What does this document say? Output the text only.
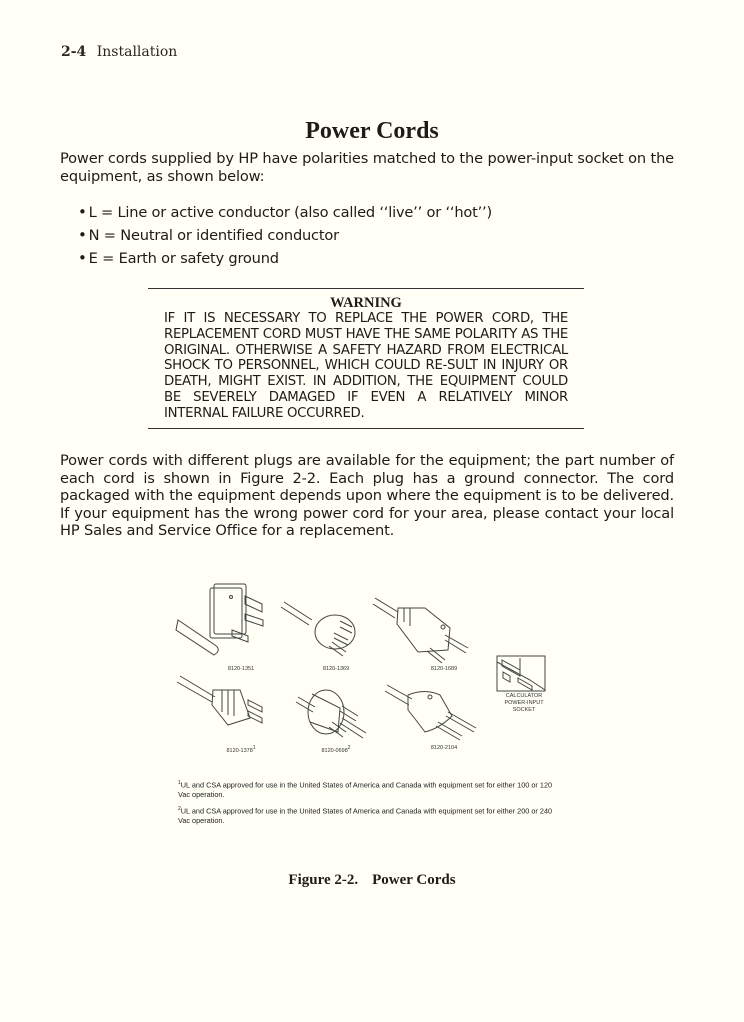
2-4 Installation
Power Cords
Power cords supplied by HP have polarities matched to the power-input socket on the equipment, as shown below:
• L = Line or active conductor (also called ‘‘live’’ or ‘‘hot’’)
• N = Neutral or identified conductor
• E = Earth or safety ground
WARNING
IF IT IS NECESSARY TO REPLACE THE POWER CORD, THE REPLACEMENT CORD MUST HAVE THE SAME POLARITY AS THE ORIGINAL. OTHERWISE A SAFETY HAZARD FROM ELECTRICAL SHOCK TO PERSONNEL, WHICH COULD RE-SULT IN INJURY OR DEATH, MIGHT EXIST. IN ADDITION, THE EQUIPMENT COULD BE SEVERELY DAMAGED IF EVEN A RELATIVELY MINOR INTERNAL FAILURE OCCURRED.
Power cords with different plugs are available for the equipment; the part number of each cord is shown in Figure 2-2. Each plug has a ground connector. The cord packaged with the equipment depends upon where the equipment is to be delivered. If your equipment has the wrong power cord for your area, please contact your local HP Sales and Service Office for a replacement.
8120-1351	8120-1369	8120-1689
8120-1378$^1$	8120-0698$^2$	8120-2104
CALCULATOR
POWER-INPUT
SOCKET

$^1$UL and CSA approved for use in the United States of America and Canada with equipment set for either 100 or 120 Vac operation.

$^2$UL and CSA approved for use in the United States of America and Canada with equipment set for either 200 or 240 Vac operation.

Figure 2-2. Power Cords
